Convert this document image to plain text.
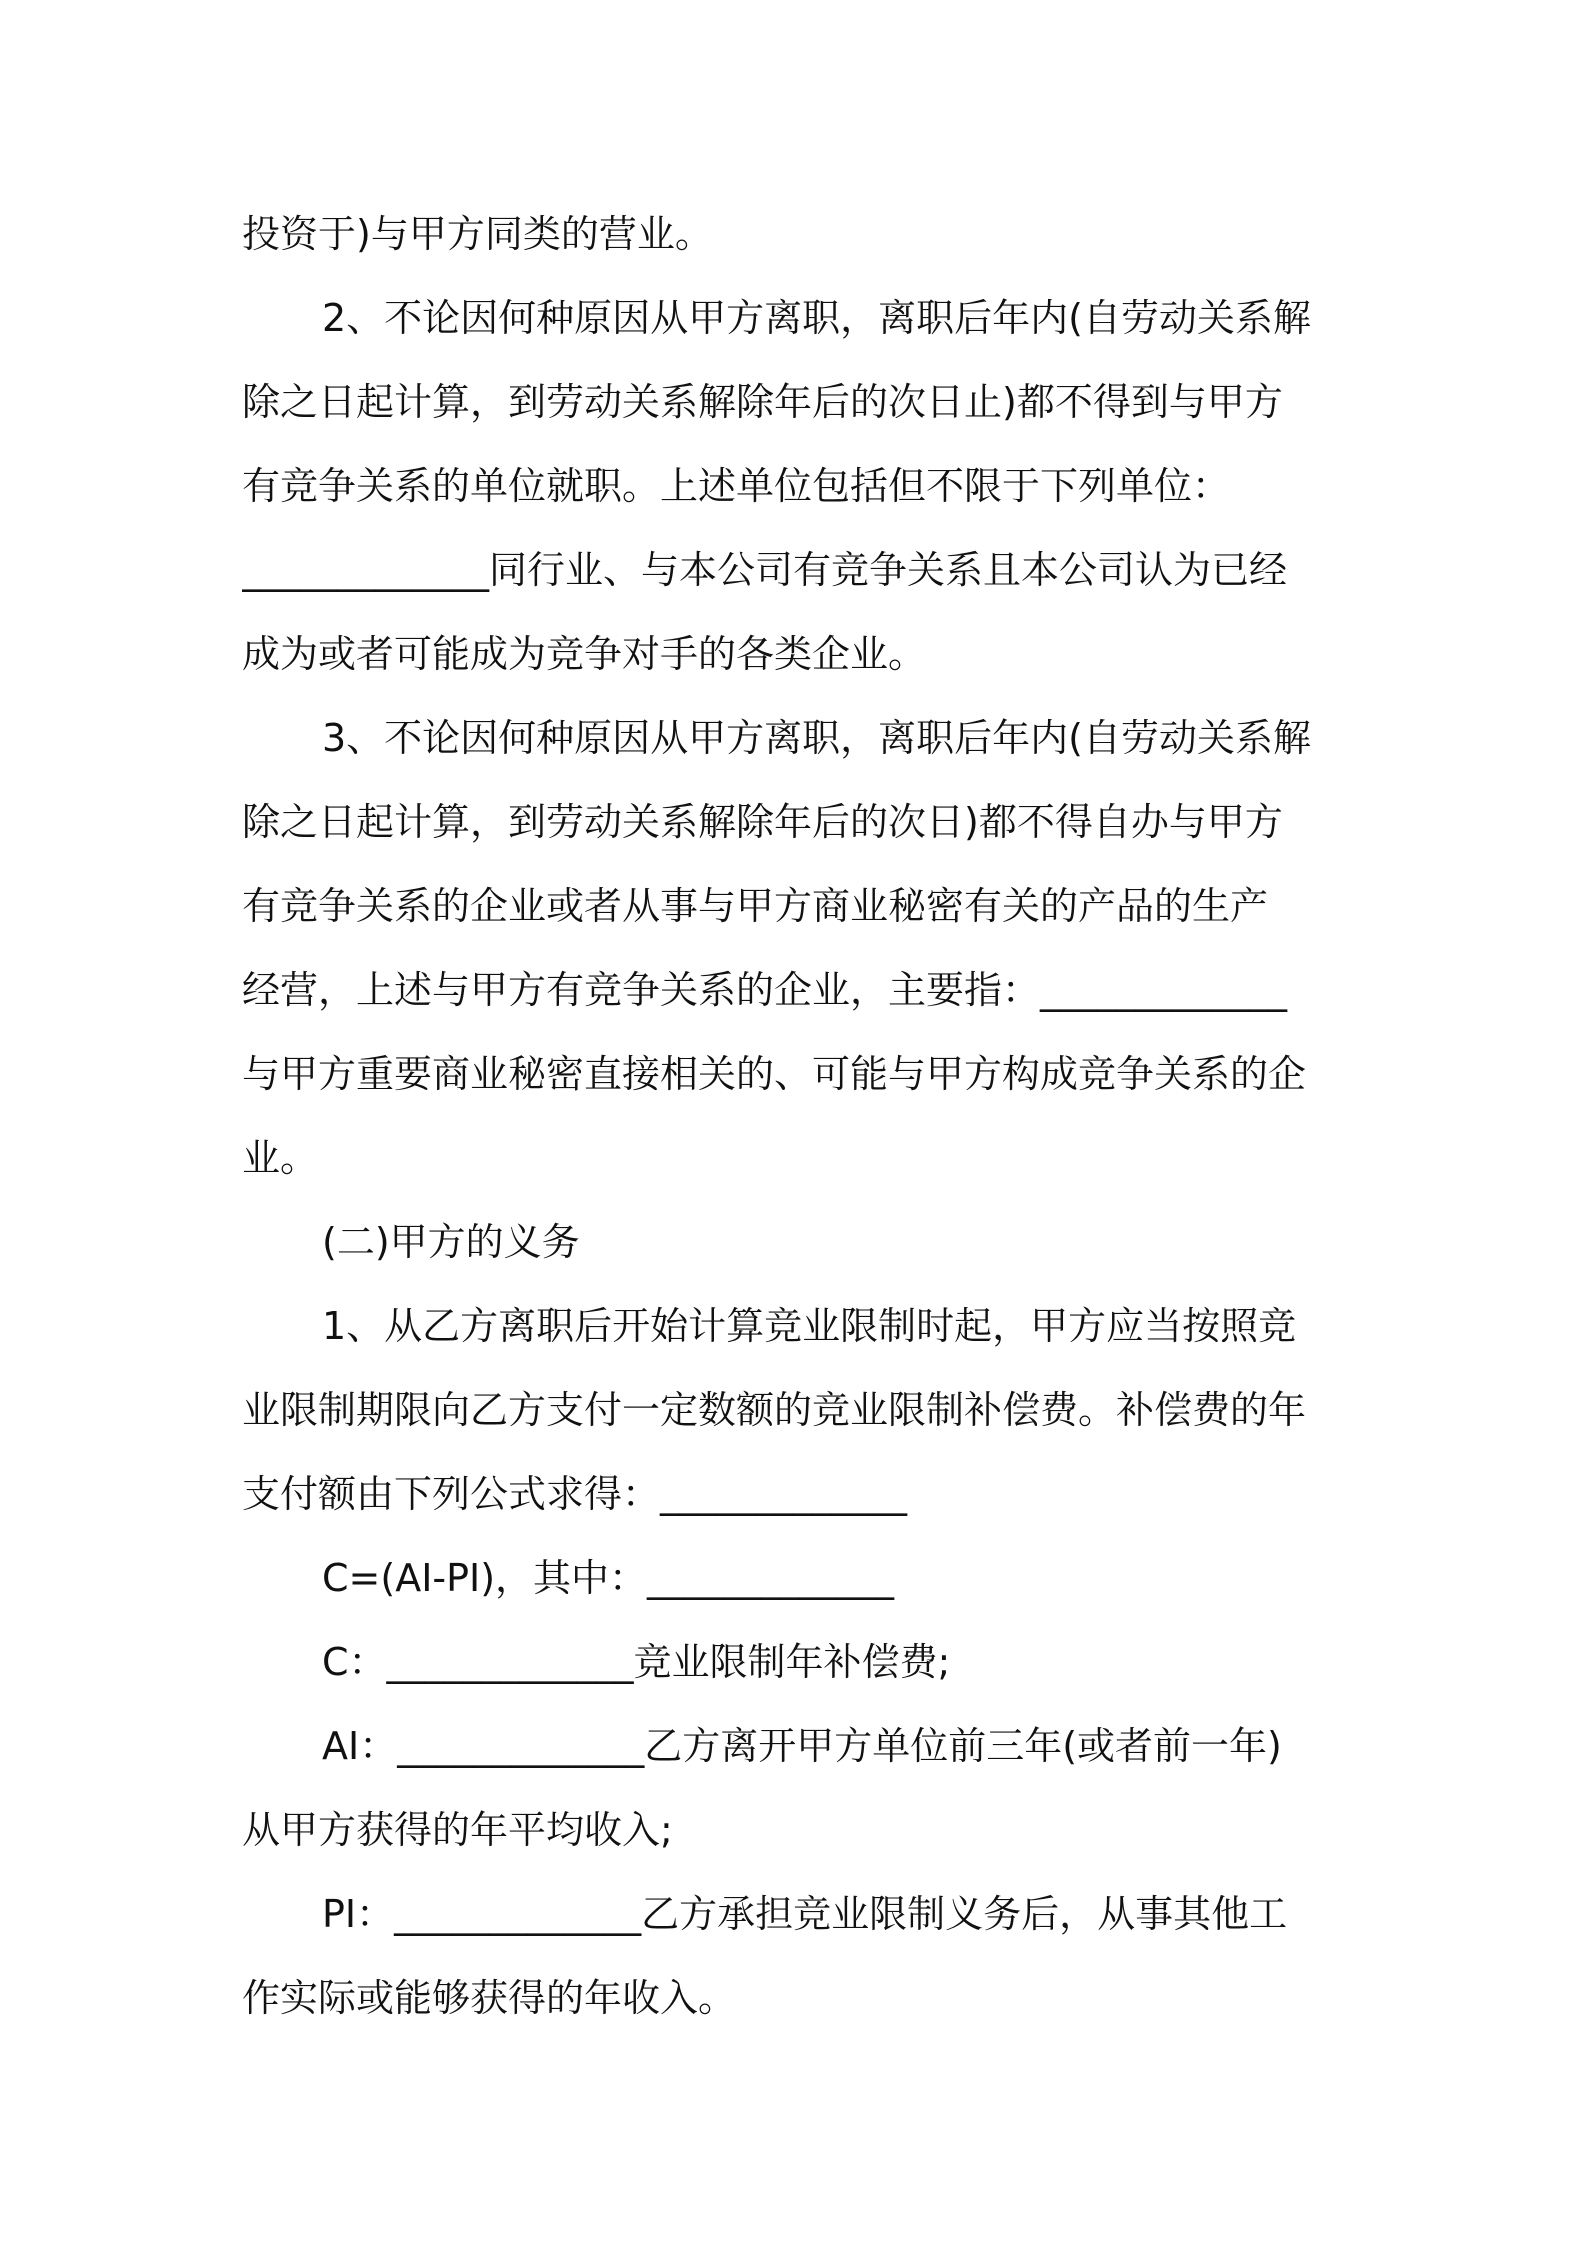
投资于)与甲方同类的营业。
2、不论因何种原因从甲方离职，离职后年内(自劳动关系解
除之日起计算，到劳动关系解除年后的次日止)都不得到与甲方
有竞争关系的单位就职。上述单位包括但不限于下列单位：
_____________同行业、与本公司有竞争关系且本公司认为已经
成为或者可能成为竞争对手的各类企业。
3、不论因何种原因从甲方离职，离职后年内(自劳动关系解
除之日起计算，到劳动关系解除年后的次日)都不得自办与甲方
有竞争关系的企业或者从事与甲方商业秘密有关的产品的生产
经营，上述与甲方有竞争关系的企业，主要指：_____________
与甲方重要商业秘密直接相关的、可能与甲方构成竞争关系的企
业。
(二)甲方的义务
1、从乙方离职后开始计算竞业限制时起，甲方应当按照竞
业限制期限向乙方支付一定数额的竞业限制补偿费。补偿费的年
支付额由下列公式求得：_____________
C=(AI-PI)，其中：_____________
C：_____________竞业限制年补偿费;
AI：_____________乙方离开甲方单位前三年(或者前一年)
从甲方获得的年平均收入;
PI：_____________乙方承担竞业限制义务后，从事其他工
作实际或能够获得的年收入。
